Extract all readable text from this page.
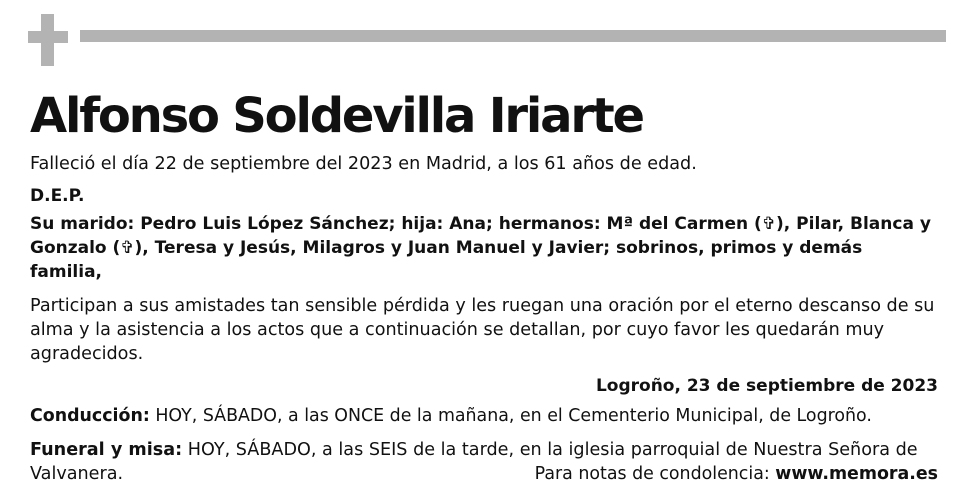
Alfonso Soldevilla Iriarte

Falleció el día 22 de septiembre del 2023 en Madrid, a los 61 años de edad.

D.E.P.

Su marido: Pedro Luis López Sánchez; hija: Ana; hermanos: Mª del Carmen (✞), Pilar, Blanca y Gonzalo (✞), Teresa y Jesús, Milagros y Juan Manuel y Javier; sobrinos, primos y demás familia,

Participan a sus amistades tan sensible pérdida y les ruegan una oración por el eterno descanso de su alma y la asistencia a los actos que a continuación se detallan, por cuyo favor les quedarán muy agradecidos.

Logroño, 23 de septiembre de 2023

Conducción: HOY, SÁBADO, a las ONCE de la mañana, en el Cementerio Municipal, de Logroño.

Funeral y misa: HOY, SÁBADO, a las SEIS de la tarde, en la iglesia parroquial de Nuestra Señora de Valvanera.	Para notas de condolencia: www.memora.es
